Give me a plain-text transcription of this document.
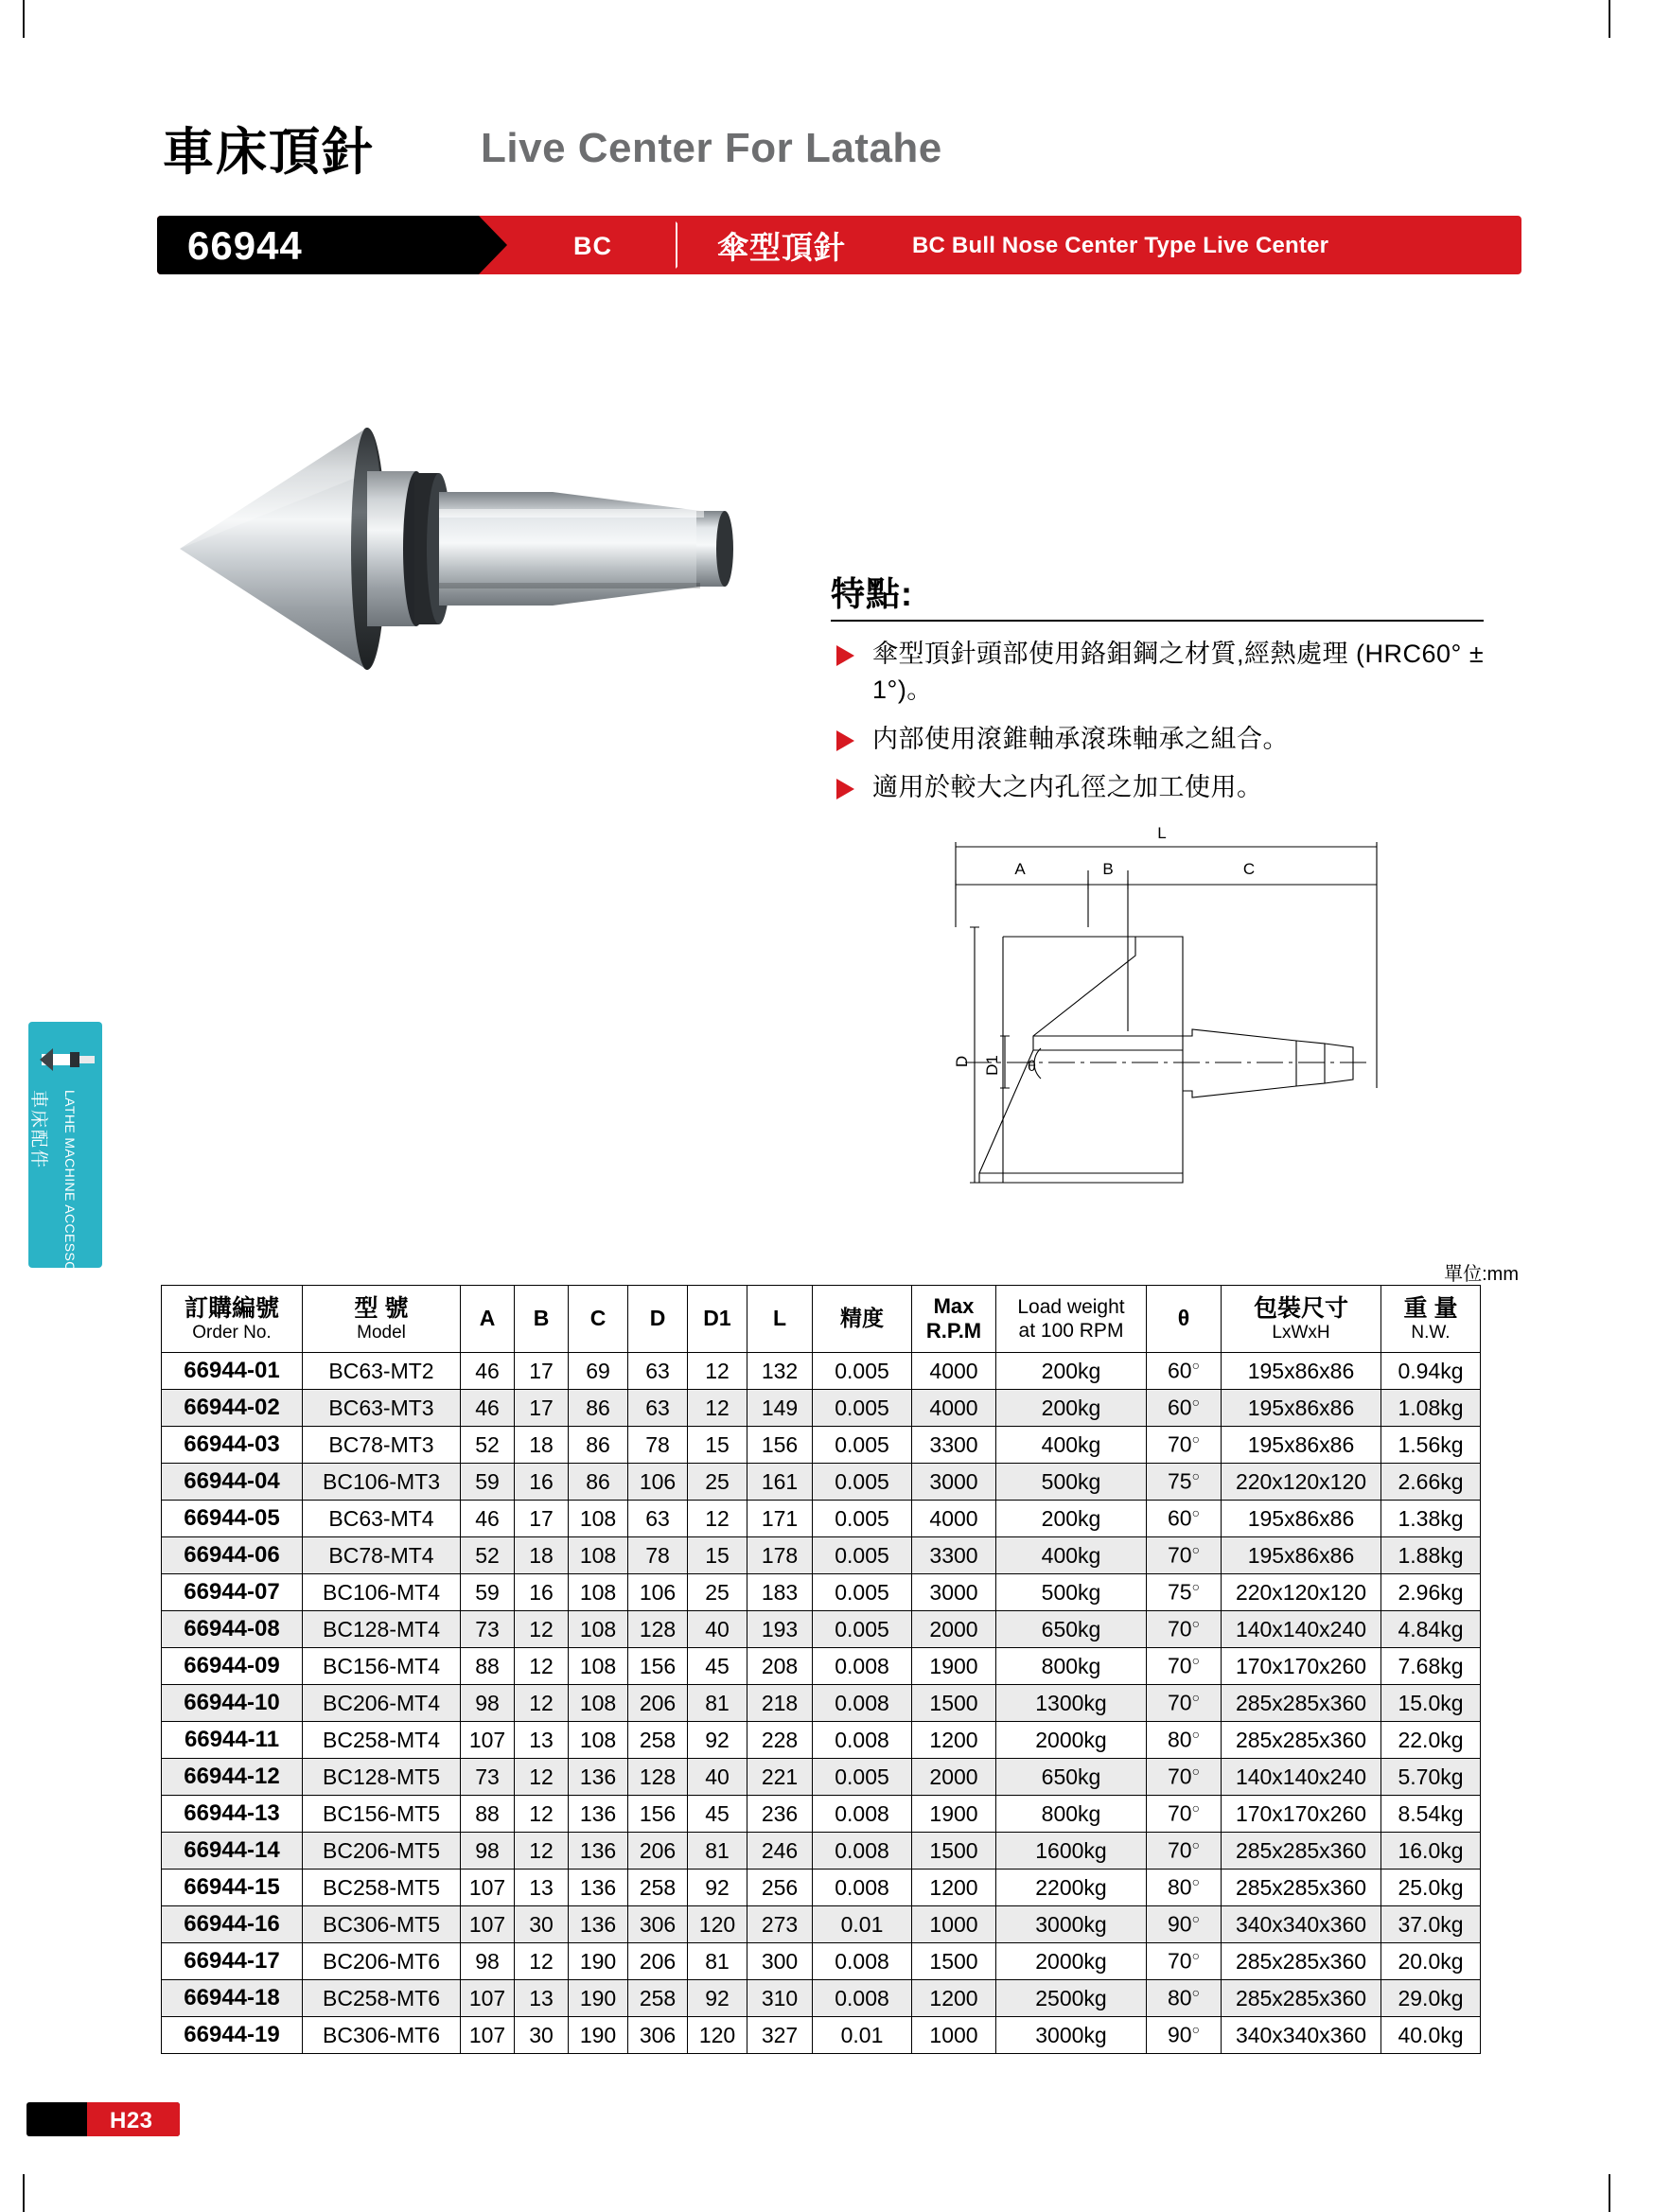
車床頂針	Live Center For Latahe
66944	BC	傘型頂針	BC Bull Nose Center Type Live Center
特點:
傘型頂針頭部使用鉻鉬鋼之材質,經熱處理 (HRC60° ± 1°)。
内部使用滾錐軸承滾珠軸承之組合。
適用於較大之内孔徑之加工使用。
L
A	B	C
D D1 θ
車床配件	LATHE MACHINE ACCESSORIES	單位:mm
訂購編號
Order No.	型 號
Model	A	B	C	D	D1	L	精度	Max
R.P.M	Load weight
at 100 RPM	θ	包裝尺寸
LxWxH	重 量
N.W.

66944-01	BC63-MT2	46	17	69	63	12	132	0.005	4000	200kg	60○	195x86x86	0.94kg
66944-02	BC63-MT3	46	17	86	63	12	149	0.005	4000	200kg	60○	195x86x86	1.08kg
66944-03	BC78-MT3	52	18	86	78	15	156	0.005	3300	400kg	70○	195x86x86	1.56kg
66944-04	BC106-MT3	59	16	86	106	25	161	0.005	3000	500kg	75○	220x120x120	2.66kg
66944-05	BC63-MT4	46	17	108	63	12	171	0.005	4000	200kg	60○	195x86x86	1.38kg
66944-06	BC78-MT4	52	18	108	78	15	178	0.005	3300	400kg	70○	195x86x86	1.88kg
66944-07	BC106-MT4	59	16	108	106	25	183	0.005	3000	500kg	75○	220x120x120	2.96kg
66944-08	BC128-MT4	73	12	108	128	40	193	0.005	2000	650kg	70○	140x140x240	4.84kg
66944-09	BC156-MT4	88	12	108	156	45	208	0.008	1900	800kg	70○	170x170x260	7.68kg
66944-10	BC206-MT4	98	12	108	206	81	218	0.008	1500	1300kg	70○	285x285x360	15.0kg
66944-11	BC258-MT4	107	13	108	258	92	228	0.008	1200	2000kg	80○	285x285x360	22.0kg
66944-12	BC128-MT5	73	12	136	128	40	221	0.005	2000	650kg	70○	140x140x240	5.70kg
66944-13	BC156-MT5	88	12	136	156	45	236	0.008	1900	800kg	70○	170x170x260	8.54kg
66944-14	BC206-MT5	98	12	136	206	81	246	0.008	1500	1600kg	70○	285x285x360	16.0kg
66944-15	BC258-MT5	107	13	136	258	92	256	0.008	1200	2200kg	80○	285x285x360	25.0kg
66944-16	BC306-MT5	107	30	136	306	120	273	0.01	1000	3000kg	90○	340x340x360	37.0kg
66944-17	BC206-MT6	98	12	190	206	81	300	0.008	1500	2000kg	70○	285x285x360	20.0kg
66944-18	BC258-MT6	107	13	190	258	92	310	0.008	1200	2500kg	80○	285x285x360	29.0kg
66944-19	BC306-MT6	107	30	190	306	120	327	0.01	1000	3000kg	90○	340x340x360	40.0kg
H23
